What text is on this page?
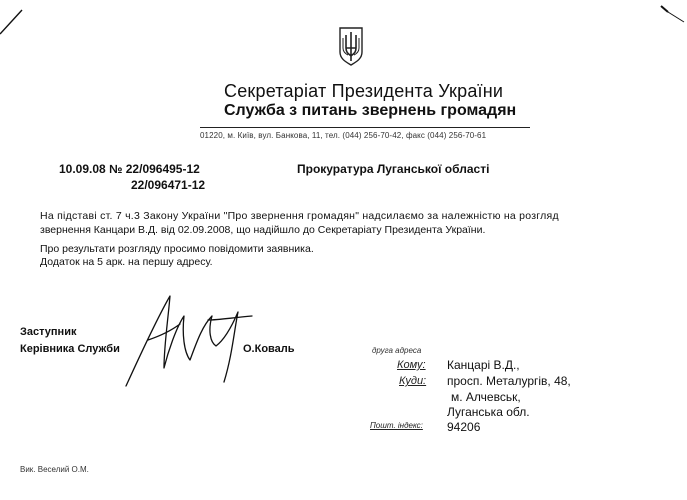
Секретаріат Президента України
Служба з питань звернень громадян
01220, м. Київ, вул. Банкова, 11, тел. (044) 256-70-42, факс (044) 256-70-61
10.09.08 № 22/096495-12
22/096471-12
Прокуратура Луганської області
На підставі ст. 7 ч.3 Закону України "Про звернення громадян" надсилаємо за належністю на розгляд
звернення Канцари В.Д. від 02.09.2008, що надійшло до Секретаріату Президента України.
Про результати розгляду просимо повідомити заявника.
Додаток на 5 арк. на першу адресу.
Заступник
Керівника Служби	О.Коваль	друга адреса
Кому: Канцарі В.Д.,
Куди: просп. Металургів, 48,
м. Алчевськ,
Луганська обл.
Пошт. індекс: 94206
Вик. Веселий О.М.
